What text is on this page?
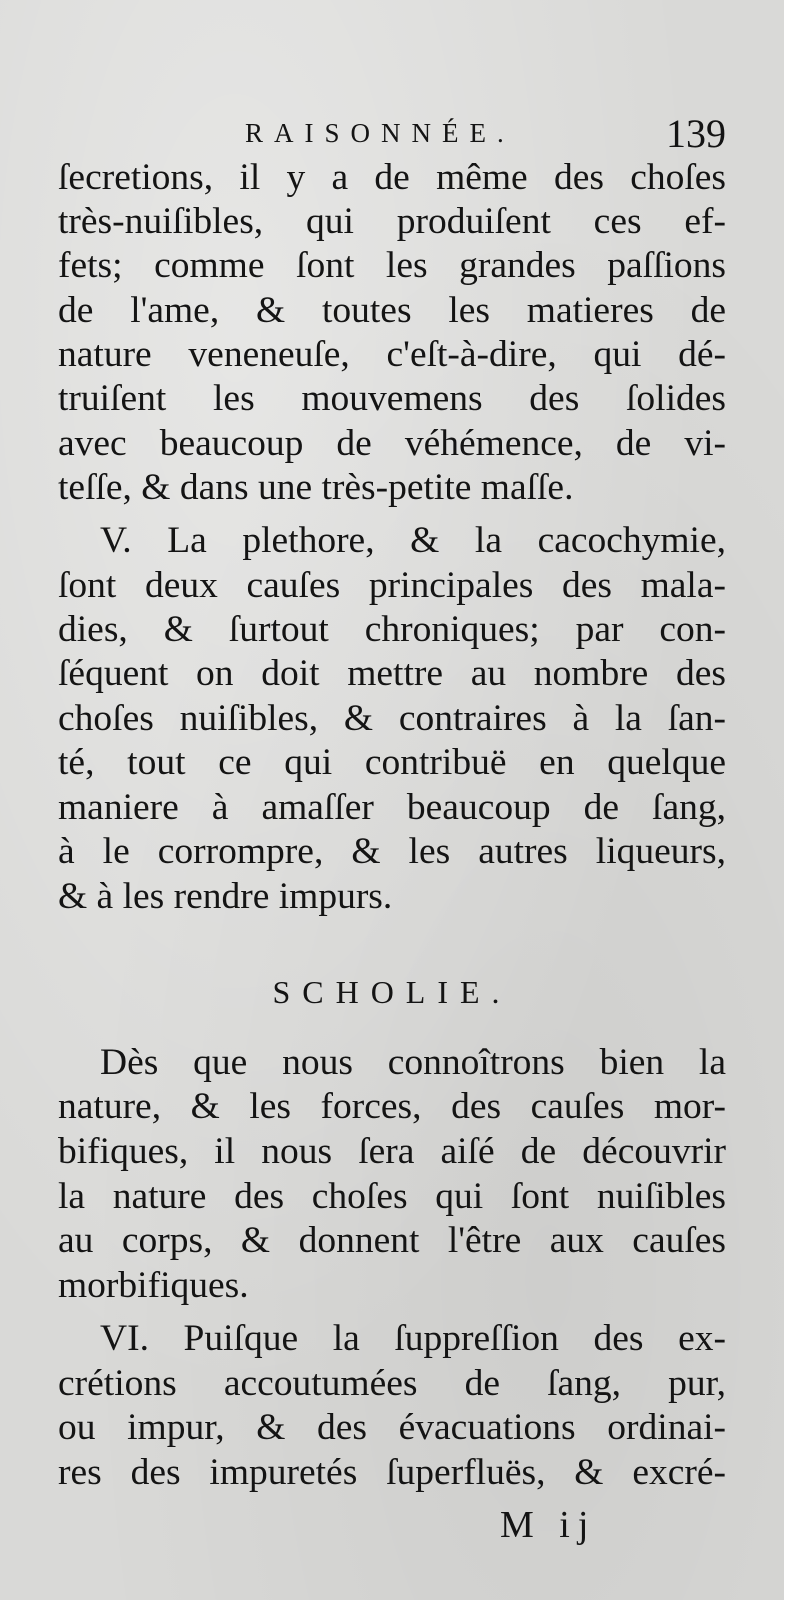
RAISONNÉE.	139
ſecretions, il y a de même des choſes
très-nuiſibles, qui produiſent ces ef-
fets; comme ſont les grandes paſſions
de l'ame, & toutes les matieres de
nature veneneuſe, c'eſt-à-dire, qui dé-
truiſent les mouvemens des ſolides
avec beaucoup de véhémence, de vi-
teſſe, & dans une très-petite maſſe.
V. La plethore, & la cacochymie,
ſont deux cauſes principales des mala-
dies, & ſurtout chroniques; par con-
ſéquent on doit mettre au nombre des
choſes nuiſibles, & contraires à la ſan-
té, tout ce qui contribuë en quelque
maniere à amaſſer beaucoup de ſang,
à le corrompre, & les autres liqueurs,
& à les rendre impurs.
SCHOLIE.
Dès que nous connoîtrons bien la
nature, & les forces, des cauſes mor-
bifiques, il nous ſera aiſé de découvrir
la nature des choſes qui ſont nuiſibles
au corps, & donnent l'être aux cauſes
morbifiques.
VI. Puiſque la ſuppreſſion des ex-
crétions accoutumées de ſang, pur,
ou impur, & des évacuations ordinai-
res des impuretés ſuperfluës, & excré-
M ij
